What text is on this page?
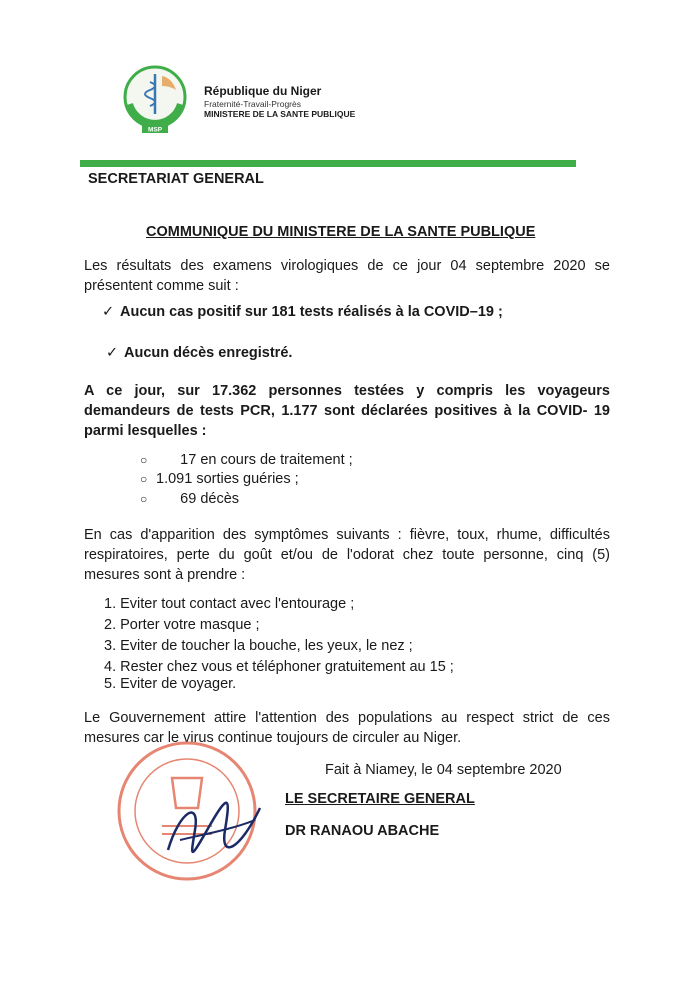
MSP
République du Niger
Fraternité-Travail-Progrès
MINISTERE DE LA SANTE PUBLIQUE
SECRETARIAT GENERAL
COMMUNIQUE DU MINISTERE DE LA SANTE PUBLIQUE
Les résultats des examens virologiques de ce jour 04 septembre 2020 se présentent comme suit :
✓ Aucun cas positif sur 181 tests réalisés à la COVID–19 ;
✓ Aucun décès enregistré.
A ce jour, sur 17.362 personnes testées y compris les voyageurs demandeurs de tests PCR, 1.177 sont déclarées positives à la COVID- 19 parmi lesquelles :
○ 17 en cours de traitement ;
○ 1.091 sorties guéries ;
○ 69 décès
En cas d'apparition des symptômes suivants : fièvre, toux, rhume, difficultés respiratoires, perte du goût et/ou de l'odorat chez toute personne, cinq (5) mesures sont à prendre :
1. Eviter tout contact avec l'entourage ;
2. Porter votre masque ;
3. Eviter de toucher la bouche, les yeux, le nez ;
4. Rester chez vous et téléphoner gratuitement au 15 ;
5. Eviter de voyager.
Le Gouvernement attire l'attention des populations au respect strict de ces mesures car le virus continue toujours de circuler au Niger.
Fait à Niamey, le 04 septembre 2020
LE SECRETAIRE GENERAL
DR RANAOU ABACHE
